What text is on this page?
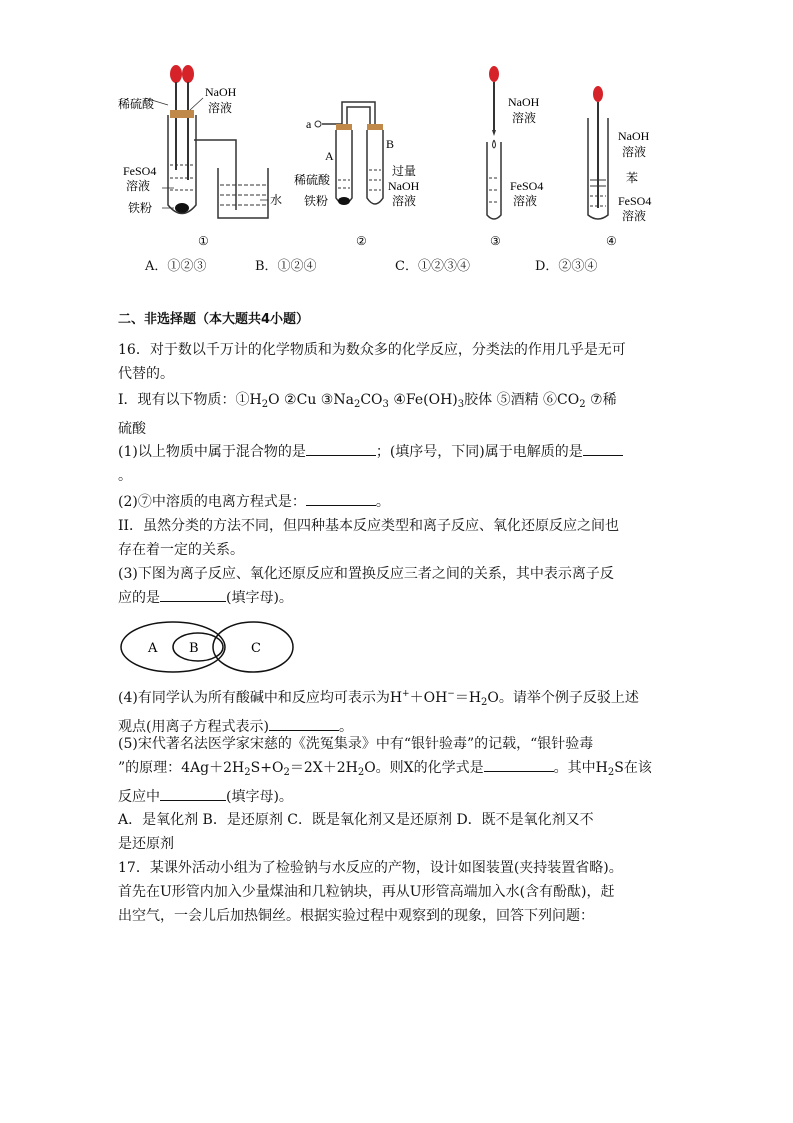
稀硫酸
NaOH
溶液
FeSO4
溶液
铁粉
水
a
A
B
稀硫酸
铁粉
过量
NaOH
溶液
NaOH
溶液
FeSO4
溶液
NaOH
溶液
苯
FeSO4
溶液
①	②	③	④
A．①②③	B．①②④	C．①②③④	D．②③④
二、非选择题（本大题共4小题）
16．对于数以千万计的化学物质和为数众多的化学反应，分类法的作用几乎是无可
代替的。
I．现有以下物质：$①H_2O$ ②Cu $③Na_2CO_3$ $④Fe(OH)_3$胶体 ⑤酒精 $⑥CO_2$ ⑦稀
硫酸
(1)以上物质中属于混合物的是	；(填序号，下同)属于电解质的是
。
(2)⑦中溶质的电离方程式是：	。
II．虽然分类的方法不同，但四种基本反应类型和离子反应、氧化还原反应之间也
存在着一定的关系。
(3)下图为离子反应、氧化还原反应和置换反应三者之间的关系，其中表示离子反
应的是	(填字母)。
A B	C
(4)有同学认为所有酸碱中和反应均可表示为$H^++OH^-=H_2O$。请举个例子反驳上述
观点(用离子方程式表示)	。
(5)宋代著名法医学家宋慈的《洗冤集录》中有“银针验毒”的记载，“银针验毒
”的原理：$4Ag+2H_2S+O_2=2X+2H_2O$。则X的化学式是	。其中$H_2S$在该
反应中	(填字母)。
A．是氧化剂 B．是还原剂 C．既是氧化剂又是还原剂 D．既不是氧化剂又不
是还原剂
17．某课外活动小组为了检验钠与水反应的产物，设计如图装置(夹持装置省略)。
首先在U形管内加入少量煤油和几粒钠块，再从U形管高端加入水(含有酚酞)，赶
出空气，一会儿后加热铜丝。根据实验过程中观察到的现象，回答下列问题：
